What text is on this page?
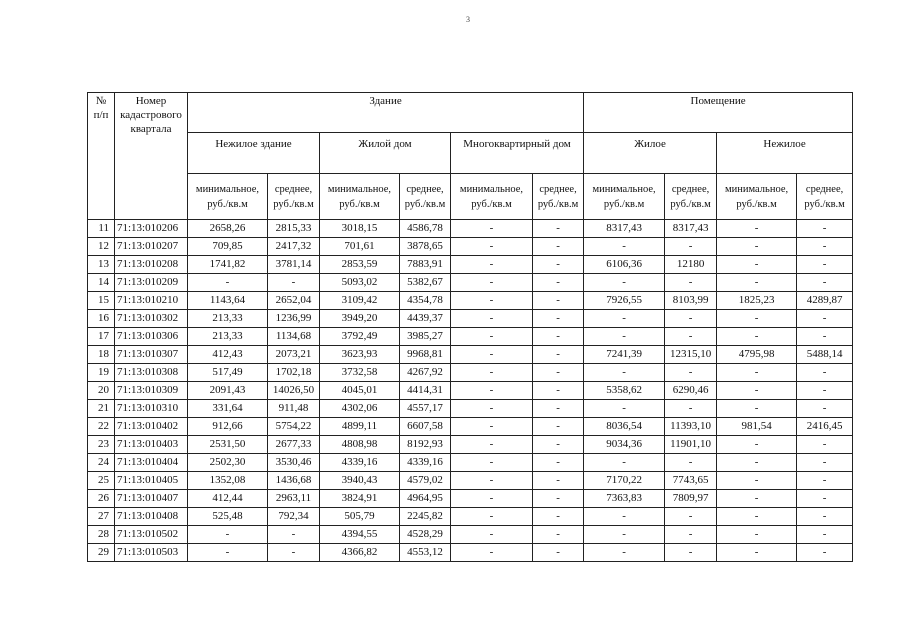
3
№ п/п	Номер кадастрового квартала	Здание						Помещение			
		Нежилое здание		Жилой дом		Многоквартирный дом		Жилое		Нежилое	
		минимальное, руб./кв.м	среднее, руб./кв.м	минимальное, руб./кв.м	среднее, руб./кв.м	минимальное, руб./кв.м	среднее, руб./кв.м	минимальное, руб./кв.м	среднее, руб./кв.м	минимальное, руб./кв.м	среднее, руб./кв.м
11	71:13:010206	2658,26	2815,33	3018,15	4586,78	-	-	8317,43	8317,43	-	-
12	71:13:010207	709,85	2417,32	701,61	3878,65	-	-	-	-	-	-
13	71:13:010208	1741,82	3781,14	2853,59	7883,91	-	-	6106,36	12180	-	-
14	71:13:010209	-	-	5093,02	5382,67	-	-	-	-	-	-
15	71:13:010210	1143,64	2652,04	3109,42	4354,78	-	-	7926,55	8103,99	1825,23	4289,87
16	71:13:010302	213,33	1236,99	3949,20	4439,37	-	-	-	-	-	-
17	71:13:010306	213,33	1134,68	3792,49	3985,27	-	-	-	-	-	-
18	71:13:010307	412,43	2073,21	3623,93	9968,81	-	-	7241,39	12315,10	4795,98	5488,14
19	71:13:010308	517,49	1702,18	3732,58	4267,92	-	-	-	-	-	-
20	71:13:010309	2091,43	14026,50	4045,01	4414,31	-	-	5358,62	6290,46	-	-
21	71:13:010310	331,64	911,48	4302,06	4557,17	-	-	-	-	-	-
22	71:13:010402	912,66	5754,22	4899,11	6607,58	-	-	8036,54	11393,10	981,54	2416,45
23	71:13:010403	2531,50	2677,33	4808,98	8192,93	-	-	9034,36	11901,10	-	-
24	71:13:010404	2502,30	3530,46	4339,16	4339,16	-	-	-	-	-	-
25	71:13:010405	1352,08	1436,68	3940,43	4579,02	-	-	7170,22	7743,65	-	-
26	71:13:010407	412,44	2963,11	3824,91	4964,95	-	-	7363,83	7809,97	-	-
27	71:13:010408	525,48	792,34	505,79	2245,82	-	-	-	-	-	-
28	71:13:010502	-	-	4394,55	4528,29	-	-	-	-	-	-
29	71:13:010503	-	-	4366,82	4553,12	-	-	-	-	-	-
